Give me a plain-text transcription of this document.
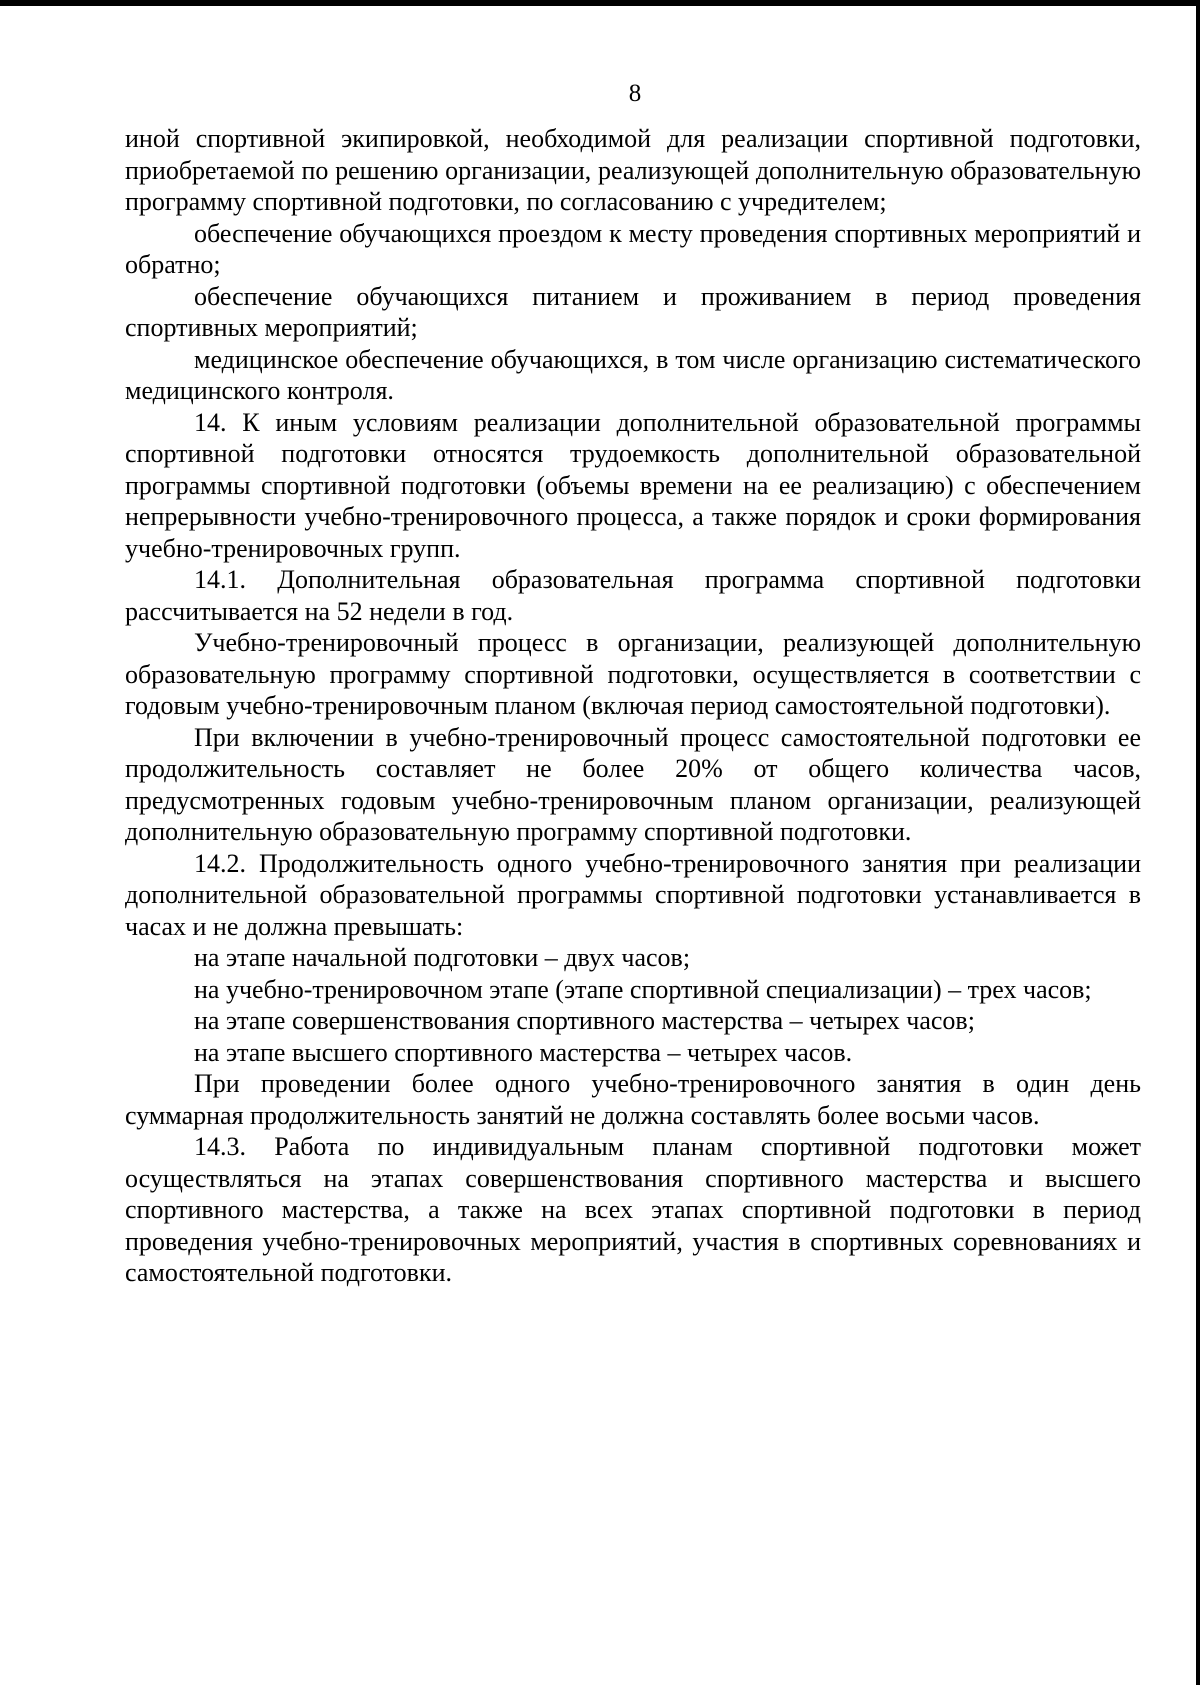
8

иной спортивной экипировкой, необходимой для реализации спортивной подготовки, приобретаемой по решению организации, реализующей дополнительную образовательную программу спортивной подготовки, по согласованию с учредителем;

обеспечение обучающихся проездом к месту проведения спортивных мероприятий и обратно;

обеспечение обучающихся питанием и проживанием в период проведения спортивных мероприятий;

медицинское обеспечение обучающихся, в том числе организацию систематического медицинского контроля.

14. К иным условиям реализации дополнительной образовательной программы спортивной подготовки относятся трудоемкость дополнительной образовательной программы спортивной подготовки (объемы времени на ее реализацию) с обеспечением непрерывности учебно-тренировочного процесса, а также порядок и сроки формирования учебно-тренировочных групп.

14.1. Дополнительная образовательная программа спортивной подготовки рассчитывается на 52 недели в год.

Учебно-тренировочный процесс в организации, реализующей дополнительную образовательную программу спортивной подготовки, осуществляется в соответствии с годовым учебно-тренировочным планом (включая период самостоятельной подготовки).

При включении в учебно-тренировочный процесс самостоятельной подготовки ее продолжительность составляет не более 20% от общего количества часов, предусмотренных годовым учебно-тренировочным планом организации, реализующей дополнительную образовательную программу спортивной подготовки.

14.2. Продолжительность одного учебно-тренировочного занятия при реализации дополнительной образовательной программы спортивной подготовки устанавливается в часах и не должна превышать:

на этапе начальной подготовки – двух часов;

на учебно-тренировочном этапе (этапе спортивной специализации) – трех часов;

на этапе совершенствования спортивного мастерства – четырех часов;

на этапе высшего спортивного мастерства – четырех часов.

При проведении более одного учебно-тренировочного занятия в один день суммарная продолжительность занятий не должна составлять более восьми часов.

14.3. Работа по индивидуальным планам спортивной подготовки может осуществляться на этапах совершенствования спортивного мастерства и высшего спортивного мастерства, а также на всех этапах спортивной подготовки в период проведения учебно-тренировочных мероприятий, участия в спортивных соревнованиях и самостоятельной подготовки.
